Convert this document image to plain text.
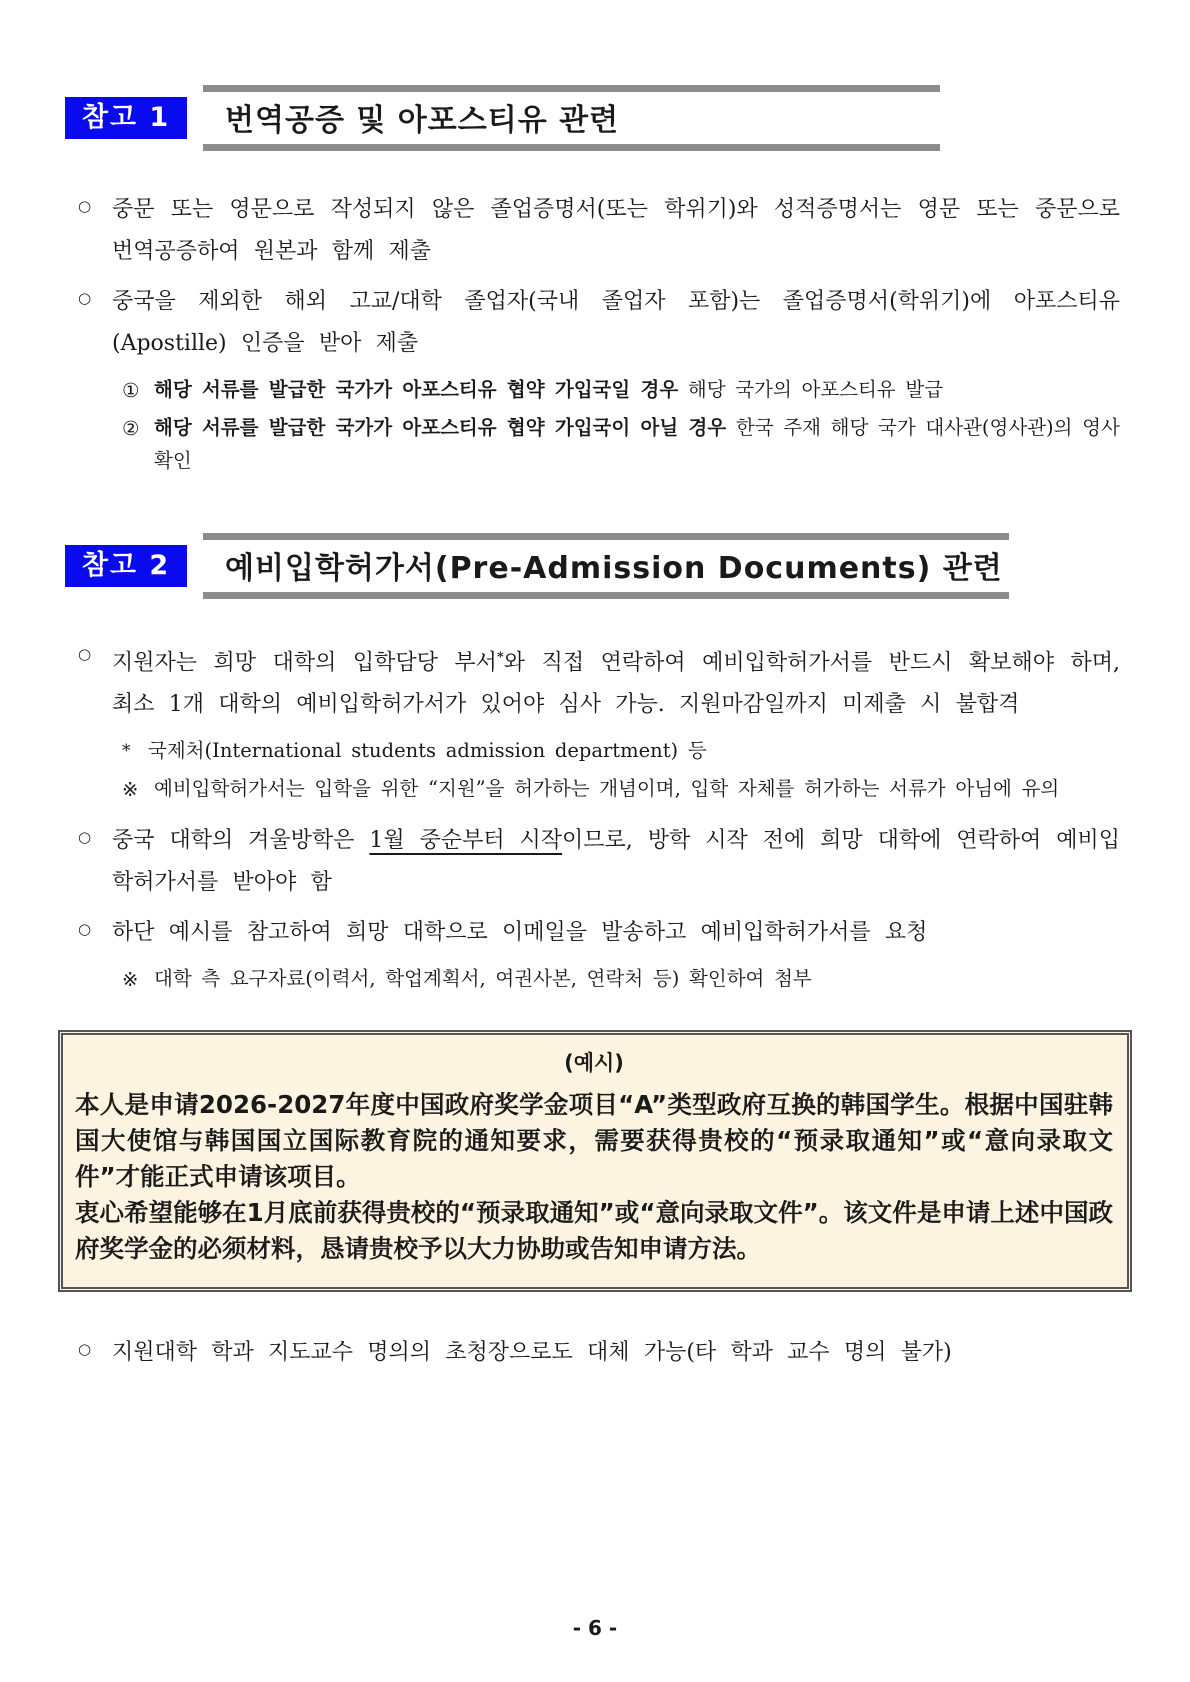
참고 1	번역공증 및 아포스티유 관련
○ 중문 또는 영문으로 작성되지 않은 졸업증명서(또는 학위기)와 성적증명서는 영문 또는 중문으로 번역공증하여 원본과 함께 제출
○ 중국을 제외한 해외 고교/대학 졸업자(국내 졸업자 포함)는 졸업증명서(학위기)에 아포스티유 (Apostille) 인증을 받아 제출
① 해당 서류를 발급한 국가가 아포스티유 협약 가입국일 경우 해당 국가의 아포스티유 발급
② 해당 서류를 발급한 국가가 아포스티유 협약 가입국이 아닐 경우 한국 주재 해당 국가 대사관(영사관)의 영사확인
참고 2	예비입학허가서(Pre-Admission Documents) 관련
○ 지원자는 희망 대학의 입학담당 부서*와 직접 연락하여 예비입학허가서를 반드시 확보해야 하며, 최소 1개 대학의 예비입학허가서가 있어야 심사 가능. 지원마감일까지 미제출 시 불합격
* 국제처(International students admission department) 등
※ 예비입학허가서는 입학을 위한 “지원”을 허가하는 개념이며, 입학 자체를 허가하는 서류가 아님에 유의
○ 중국 대학의 겨울방학은 1월 중순부터 시작이므로, 방학 시작 전에 희망 대학에 연락하여 예비입학허가서를 받아야 함
○ 하단 예시를 참고하여 희망 대학으로 이메일을 발송하고 예비입학허가서를 요청
※ 대학 측 요구자료(이력서, 학업계획서, 여권사본, 연락처 등) 확인하여 첨부
(예시)
本人是申请2026-2027年度中国政府奖学金项目“A”类型政府互换的韩国学生。根据中国驻韩国大使馆与韩国国立国际教育院的通知要求，需要获得贵校的“预录取通知”或“意向录取文件”才能正式申请该项目。
衷心希望能够在1月底前获得贵校的“预录取通知”或“意向录取文件”。该文件是申请上述中国政府奖学金的必须材料，恳请贵校予以大力协助或告知申请方法。
○ 지원대학 학과 지도교수 명의의 초청장으로도 대체 가능(타 학과 교수 명의 불가)
- 6 -
